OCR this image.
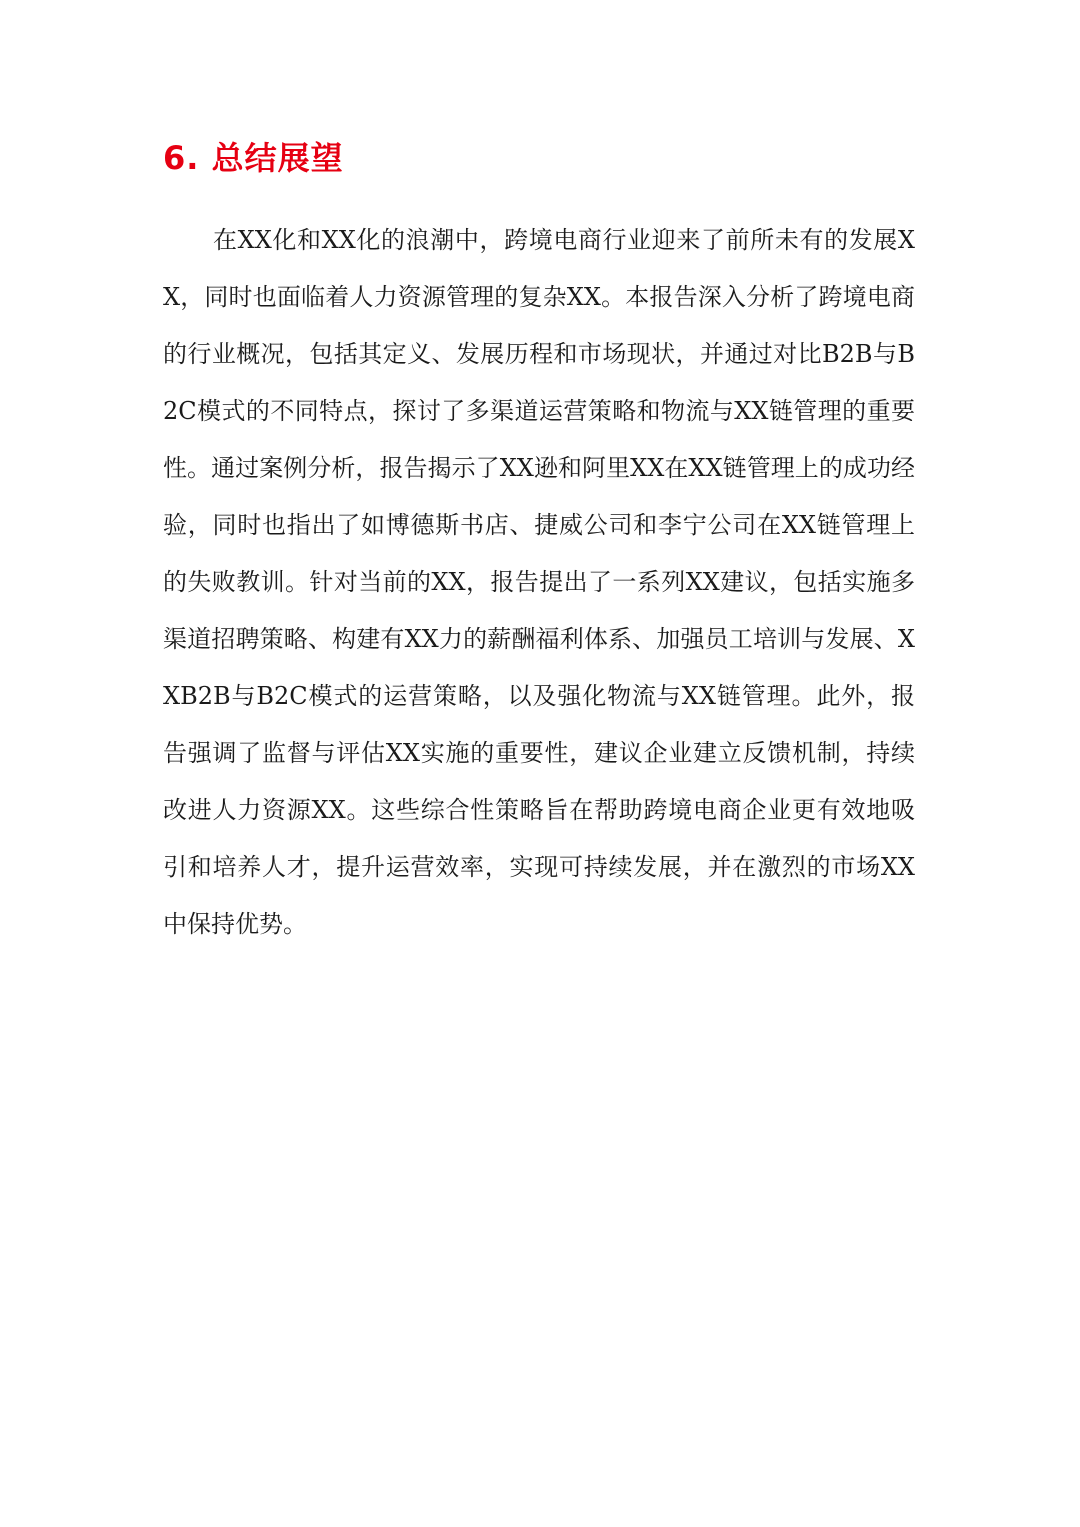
6. 总结展望

在XX化和XX化的浪潮中，跨境电商行业迎来了前所未有的发展XX，同时也面临着人力资源管理的复杂XX。本报告深入分析了跨境电商的行业概况，包括其定义、发展历程和市场现状，并通过对比B2B与B2C模式的不同特点，探讨了多渠道运营策略和物流与XX链管理的重要性。通过案例分析，报告揭示了XX逊和阿里XX在XX链管理上的成功经验，同时也指出了如博德斯书店、捷威公司和李宁公司在XX链管理上的失败教训。针对当前的XX，报告提出了一系列XX建议，包括实施多渠道招聘策略、构建有XX力的薪酬福利体系、加强员工培训与发展、XXB2B与B2C模式的运营策略，以及强化物流与XX链管理。此外，报告强调了监督与评估XX实施的重要性，建议企业建立反馈机制，持续改进人力资源XX。这些综合性策略旨在帮助跨境电商企业更有效地吸引和培养人才，提升运营效率，实现可持续发展，并在激烈的市场XX中保持优势。
